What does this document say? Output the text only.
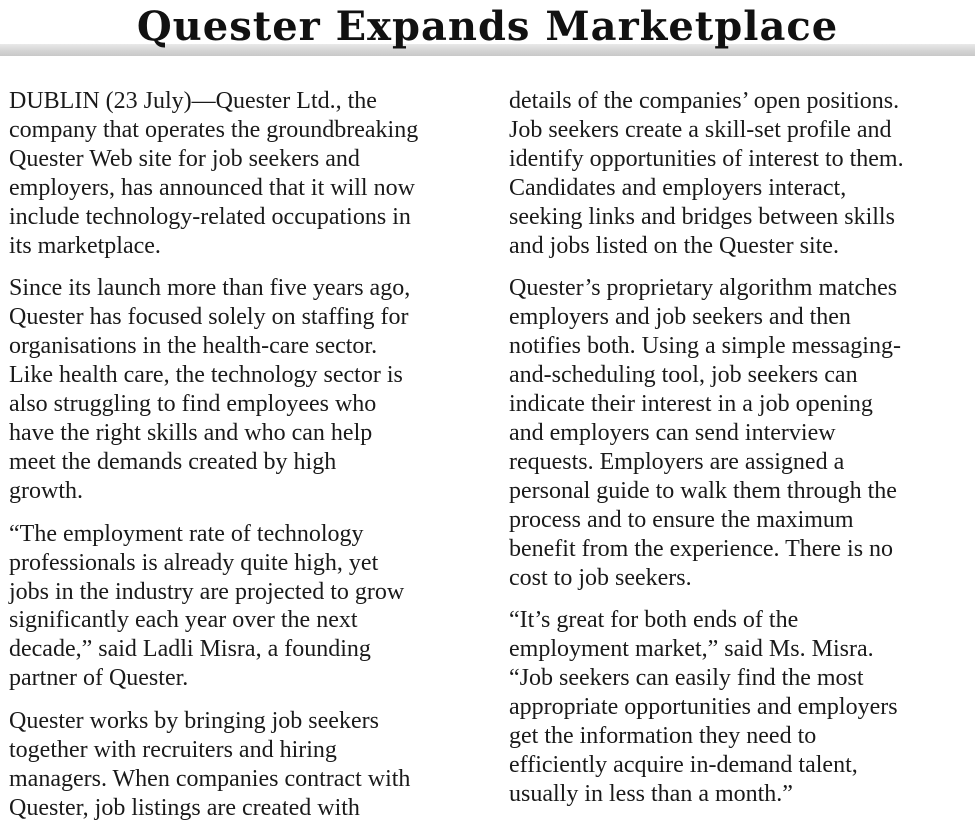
Quester Expands Marketplace

DUBLIN (23 July)—Quester Ltd., the
company that operates the groundbreaking
Quester Web site for job seekers and
employers, has announced that it will now
include technology-related occupations in
its marketplace.

Since its launch more than five years ago,
Quester has focused solely on staffing for
organisations in the health-care sector.
Like health care, the technology sector is
also struggling to find employees who
have the right skills and who can help
meet the demands created by high
growth.

“The employment rate of technology
professionals is already quite high, yet
jobs in the industry are projected to grow
significantly each year over the next
decade,” said Ladli Misra, a founding
partner of Quester.

Quester works by bringing job seekers
together with recruiters and hiring
managers. When companies contract with
Quester, job listings are created with

details of the companies’ open positions.
Job seekers create a skill-set profile and
identify opportunities of interest to them.
Candidates and employers interact,
seeking links and bridges between skills
and jobs listed on the Quester site.

Quester’s proprietary algorithm matches
employers and job seekers and then
notifies both. Using a simple messaging-
and-scheduling tool, job seekers can
indicate their interest in a job opening
and employers can send interview
requests. Employers are assigned a
personal guide to walk them through the
process and to ensure the maximum
benefit from the experience. There is no
cost to job seekers.

“It’s great for both ends of the
employment market,” said Ms. Misra.
“Job seekers can easily find the most
appropriate opportunities and employers
get the information they need to
efficiently acquire in-demand talent,
usually in less than a month.”
